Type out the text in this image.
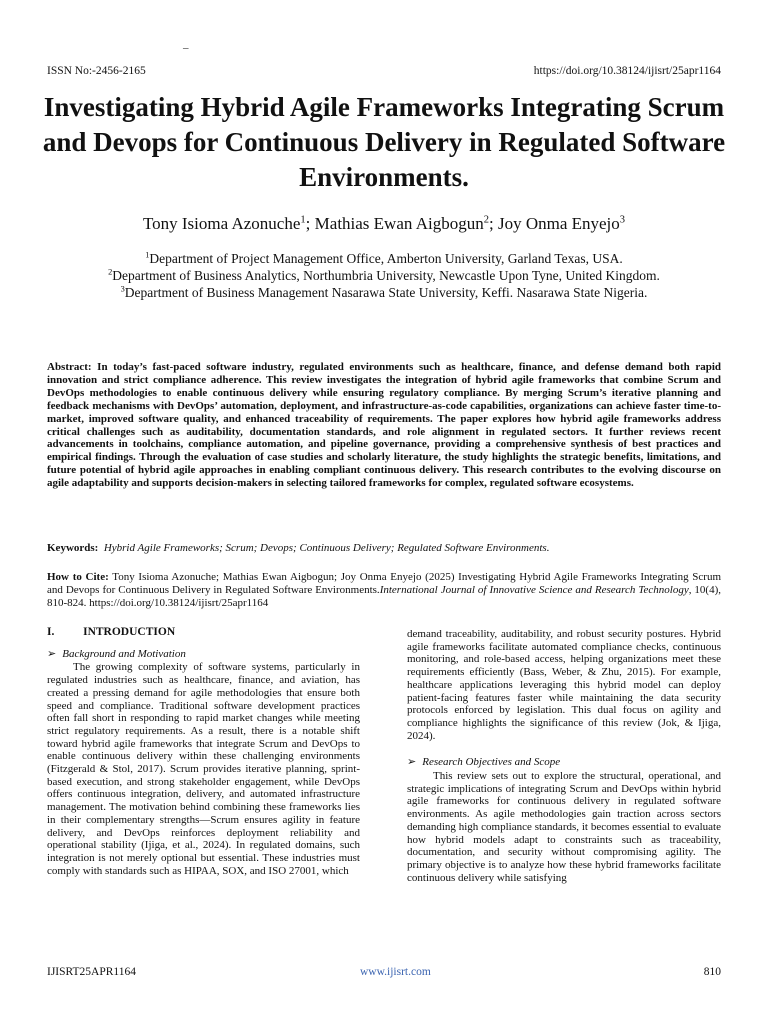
–
ISSN No:-2456-2165	https://doi.org/10.38124/ijisrt/25apr1164
Investigating Hybrid Agile Frameworks Integrating Scrum and Devops for Continuous Delivery in Regulated Software Environments.
Tony Isioma Azonuche$^1$; Mathias Ewan Aigbogun$^2$; Joy Onma Enyejo$^3$
$^1$Department of Project Management Office, Amberton University, Garland Texas, USA.
$^2$Department of Business Analytics, Northumbria University, Newcastle Upon Tyne, United Kingdom.
$^3$Department of Business Management Nasarawa State University, Keffi. Nasarawa State Nigeria.
Abstract: In today’s fast-paced software industry, regulated environments such as healthcare, finance, and defense demand both rapid innovation and strict compliance adherence. This review investigates the integration of hybrid agile frameworks that combine Scrum and DevOps methodologies to enable continuous delivery while ensuring regulatory compliance. By merging Scrum’s iterative planning and feedback mechanisms with DevOps’ automation, deployment, and infrastructure-as-code capabilities, organizations can achieve faster time-to-market, improved software quality, and enhanced traceability of requirements. The paper explores how hybrid agile frameworks address critical challenges such as auditability, documentation standards, and role alignment in regulated sectors. It further reviews recent advancements in toolchains, compliance automation, and pipeline governance, providing a comprehensive synthesis of best practices and empirical findings. Through the evaluation of case studies and scholarly literature, the study highlights the strategic benefits, limitations, and future potential of hybrid agile approaches in enabling compliant continuous delivery. This research contributes to the evolving discourse on agile adaptability and supports decision-makers in selecting tailored frameworks for complex, regulated software ecosystems.
Keywords: Hybrid Agile Frameworks; Scrum; Devops; Continuous Delivery; Regulated Software Environments.
How to Cite: Tony Isioma Azonuche; Mathias Ewan Aigbogun; Joy Onma Enyejo (2025) Investigating Hybrid Agile Frameworks Integrating Scrum and Devops for Continuous Delivery in Regulated Software Environments.International Journal of Innovative Science and Research Technology, 10(4), 810-824. https://doi.org/10.38124/ijisrt/25apr1164
I.	INTRODUCTION
➢ Background and Motivation

The growing complexity of software systems, particularly in regulated industries such as healthcare, finance, and aviation, has created a pressing demand for agile methodologies that ensure both speed and compliance. Traditional software development practices often fall short in responding to rapid market changes while meeting strict regulatory requirements. As a result, there is a notable shift toward hybrid agile frameworks that integrate Scrum and DevOps to enable continuous delivery within these challenging environments (Fitzgerald & Stol, 2017). Scrum provides iterative planning, sprint-based execution, and strong stakeholder engagement, while DevOps offers continuous integration, delivery, and automated infrastructure management. The motivation behind combining these frameworks lies in their complementary strengths—Scrum ensures agility in feature delivery, and DevOps reinforces deployment reliability and operational stability (Ijiga, et al., 2024). In regulated domains, such integration is not merely optional but essential. These industries must comply with standards such as HIPAA, SOX, and ISO 27001, which

demand traceability, auditability, and robust security postures. Hybrid agile frameworks facilitate automated compliance checks, continuous monitoring, and role-based access, helping organizations meet these requirements efficiently (Bass, Weber, & Zhu, 2015). For example, healthcare applications leveraging this hybrid model can deploy patient-facing features faster while maintaining the data security protocols enforced by legislation. This dual focus on agility and compliance highlights the significance of this review (Jok, & Ijiga, 2024).

➢ Research Objectives and Scope

This review sets out to explore the structural, operational, and strategic implications of integrating Scrum and DevOps within hybrid agile frameworks for continuous delivery in regulated software environments. As agile methodologies gain traction across sectors demanding high compliance standards, it becomes essential to evaluate how hybrid models adapt to constraints such as traceability, documentation, and security without compromising agility. The primary objective is to analyze how these hybrid frameworks facilitate continuous delivery while satisfying

IJISRT25APR1164	www.ijisrt.com	810
